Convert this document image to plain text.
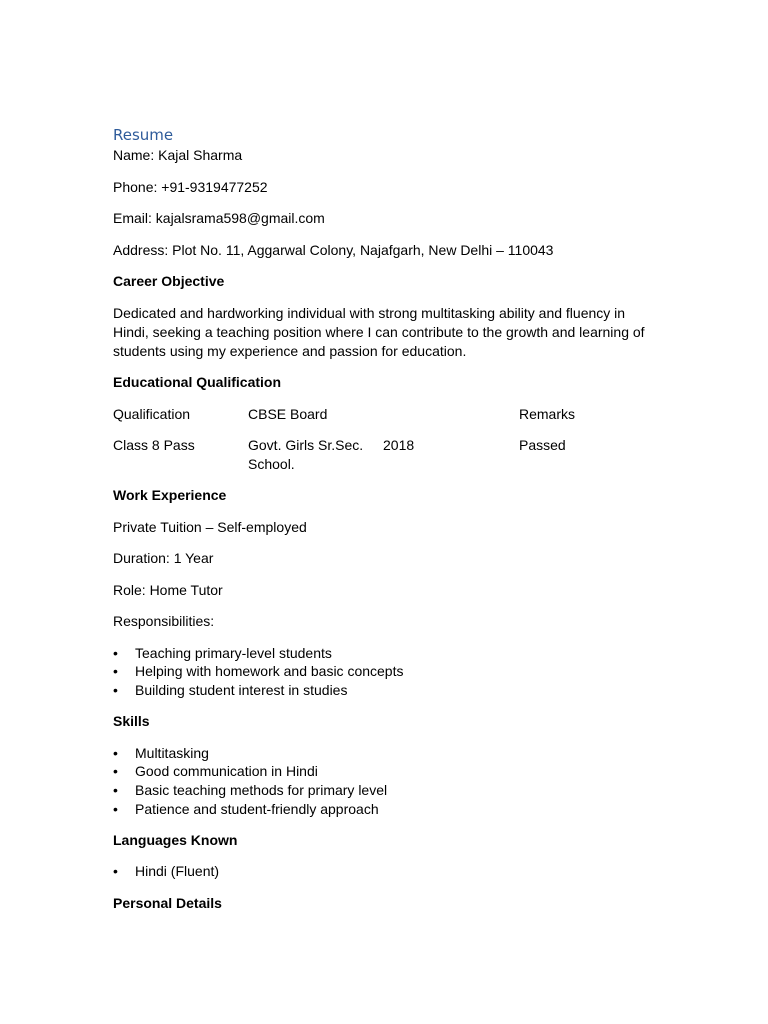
Resume

Name: Kajal Sharma

Phone: +91-9319477252

Email: kajalsrama598@gmail.com

Address: Plot No. 11, Aggarwal Colony, Najafgarh, New Delhi – 110043

Career Objective

Dedicated and hardworking individual with strong multitasking ability and fluency in Hindi, seeking a teaching position where I can contribute to the growth and learning of students using my experience and passion for education.

Educational Qualification

Qualification	CBSE Board		Remarks
Class 8 Pass	Govt. Girls Sr.Sec. School.	2018	Passed

Work Experience

Private Tuition – Self-employed

Duration: 1 Year

Role: Home Tutor

Responsibilities:

• Teaching primary-level students
• Helping with homework and basic concepts
• Building student interest in studies

Skills

• Multitasking
• Good communication in Hindi
• Basic teaching methods for primary level
• Patience and student-friendly approach

Languages Known

• Hindi (Fluent)

Personal Details
